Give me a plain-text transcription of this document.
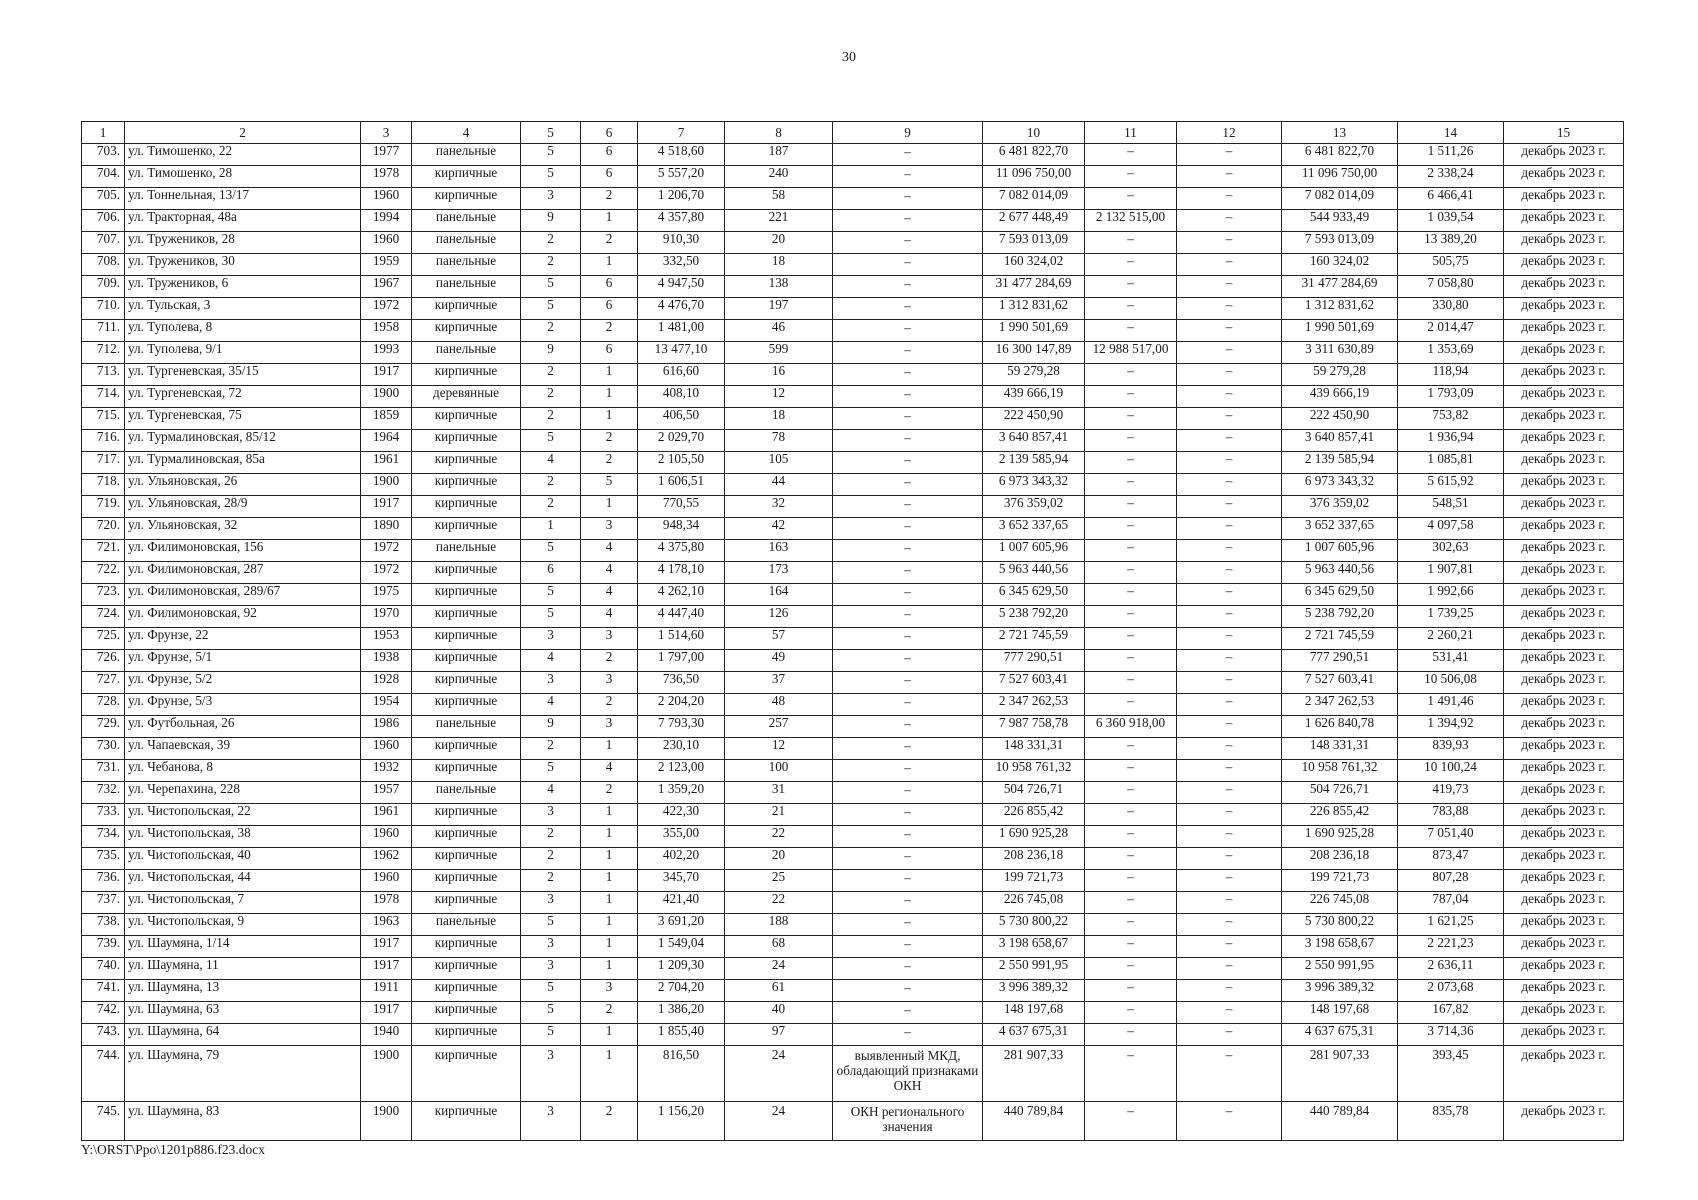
30
1	2	3	4	5	6	7	8	9	10	11	12	13	14	15
703.	ул. Тимошенко, 22	1977	панельные	5	6	4 518,60	187	–	6 481 822,70	–	–	6 481 822,70	1 511,26	декабрь 2023 г.
704.	ул. Тимошенко, 28	1978	кирпичные	5	6	5 557,20	240	–	11 096 750,00	–	–	11 096 750,00	2 338,24	декабрь 2023 г.
705.	ул. Тоннельная, 13/17	1960	кирпичные	3	2	1 206,70	58	–	7 082 014,09	–	–	7 082 014,09	6 466,41	декабрь 2023 г.
706.	ул. Тракторная, 48а	1994	панельные	9	1	4 357,80	221	–	2 677 448,49	2 132 515,00	–	544 933,49	1 039,54	декабрь 2023 г.
707.	ул. Тружеников, 28	1960	панельные	2	2	910,30	20	–	7 593 013,09	–	–	7 593 013,09	13 389,20	декабрь 2023 г.
708.	ул. Тружеников, 30	1959	панельные	2	1	332,50	18	–	160 324,02	–	–	160 324,02	505,75	декабрь 2023 г.
709.	ул. Тружеников, 6	1967	панельные	5	6	4 947,50	138	–	31 477 284,69	–	–	31 477 284,69	7 058,80	декабрь 2023 г.
710.	ул. Тульская, 3	1972	кирпичные	5	6	4 476,70	197	–	1 312 831,62	–	–	1 312 831,62	330,80	декабрь 2023 г.
711.	ул. Туполева, 8	1958	кирпичные	2	2	1 481,00	46	–	1 990 501,69	–	–	1 990 501,69	2 014,47	декабрь 2023 г.
712.	ул. Туполева, 9/1	1993	панельные	9	6	13 477,10	599	–	16 300 147,89	12 988 517,00	–	3 311 630,89	1 353,69	декабрь 2023 г.
713.	ул. Тургеневская, 35/15	1917	кирпичные	2	1	616,60	16	–	59 279,28	–	–	59 279,28	118,94	декабрь 2023 г.
714.	ул. Тургеневская, 72	1900	деревянные	2	1	408,10	12	–	439 666,19	–	–	439 666,19	1 793,09	декабрь 2023 г.
715.	ул. Тургеневская, 75	1859	кирпичные	2	1	406,50	18	–	222 450,90	–	–	222 450,90	753,82	декабрь 2023 г.
716.	ул. Турмалиновская, 85/12	1964	кирпичные	5	2	2 029,70	78	–	3 640 857,41	–	–	3 640 857,41	1 936,94	декабрь 2023 г.
717.	ул. Турмалиновская, 85а	1961	кирпичные	4	2	2 105,50	105	–	2 139 585,94	–	–	2 139 585,94	1 085,81	декабрь 2023 г.
718.	ул. Ульяновская, 26	1900	кирпичные	2	5	1 606,51	44	–	6 973 343,32	–	–	6 973 343,32	5 615,92	декабрь 2023 г.
719.	ул. Ульяновская, 28/9	1917	кирпичные	2	1	770,55	32	–	376 359,02	–	–	376 359,02	548,51	декабрь 2023 г.
720.	ул. Ульяновская, 32	1890	кирпичные	1	3	948,34	42	–	3 652 337,65	–	–	3 652 337,65	4 097,58	декабрь 2023 г.
721.	ул. Филимоновская, 156	1972	панельные	5	4	4 375,80	163	–	1 007 605,96	–	–	1 007 605,96	302,63	декабрь 2023 г.
722.	ул. Филимоновская, 287	1972	кирпичные	6	4	4 178,10	173	–	5 963 440,56	–	–	5 963 440,56	1 907,81	декабрь 2023 г.
723.	ул. Филимоновская, 289/67	1975	кирпичные	5	4	4 262,10	164	–	6 345 629,50	–	–	6 345 629,50	1 992,66	декабрь 2023 г.
724.	ул. Филимоновская, 92	1970	кирпичные	5	4	4 447,40	126	–	5 238 792,20	–	–	5 238 792,20	1 739,25	декабрь 2023 г.
725.	ул. Фрунзе, 22	1953	кирпичные	3	3	1 514,60	57	–	2 721 745,59	–	–	2 721 745,59	2 260,21	декабрь 2023 г.
726.	ул. Фрунзе, 5/1	1938	кирпичные	4	2	1 797,00	49	–	777 290,51	–	–	777 290,51	531,41	декабрь 2023 г.
727.	ул. Фрунзе, 5/2	1928	кирпичные	3	3	736,50	37	–	7 527 603,41	–	–	7 527 603,41	10 506,08	декабрь 2023 г.
728.	ул. Фрунзе, 5/3	1954	кирпичные	4	2	2 204,20	48	–	2 347 262,53	–	–	2 347 262,53	1 491,46	декабрь 2023 г.
729.	ул. Футбольная, 26	1986	панельные	9	3	7 793,30	257	–	7 987 758,78	6 360 918,00	–	1 626 840,78	1 394,92	декабрь 2023 г.
730.	ул. Чапаевская, 39	1960	кирпичные	2	1	230,10	12	–	148 331,31	–	–	148 331,31	839,93	декабрь 2023 г.
731.	ул. Чебанова, 8	1932	кирпичные	5	4	2 123,00	100	–	10 958 761,32	–	–	10 958 761,32	10 100,24	декабрь 2023 г.
732.	ул. Черепахина, 228	1957	панельные	4	2	1 359,20	31	–	504 726,71	–	–	504 726,71	419,73	декабрь 2023 г.
733.	ул. Чистопольская, 22	1961	кирпичные	3	1	422,30	21	–	226 855,42	–	–	226 855,42	783,88	декабрь 2023 г.
734.	ул. Чистопольская, 38	1960	кирпичные	2	1	355,00	22	–	1 690 925,28	–	–	1 690 925,28	7 051,40	декабрь 2023 г.
735.	ул. Чистопольская, 40	1962	кирпичные	2	1	402,20	20	–	208 236,18	–	–	208 236,18	873,47	декабрь 2023 г.
736.	ул. Чистопольская, 44	1960	кирпичные	2	1	345,70	25	–	199 721,73	–	–	199 721,73	807,28	декабрь 2023 г.
737.	ул. Чистопольская, 7	1978	кирпичные	3	1	421,40	22	–	226 745,08	–	–	226 745,08	787,04	декабрь 2023 г.
738.	ул. Чистопольская, 9	1963	панельные	5	1	3 691,20	188	–	5 730 800,22	–	–	5 730 800,22	1 621,25	декабрь 2023 г.
739.	ул. Шаумяна, 1/14	1917	кирпичные	3	1	1 549,04	68	–	3 198 658,67	–	–	3 198 658,67	2 221,23	декабрь 2023 г.
740.	ул. Шаумяна, 11	1917	кирпичные	3	1	1 209,30	24	–	2 550 991,95	–	–	2 550 991,95	2 636,11	декабрь 2023 г.
741.	ул. Шаумяна, 13	1911	кирпичные	5	3	2 704,20	61	–	3 996 389,32	–	–	3 996 389,32	2 073,68	декабрь 2023 г.
742.	ул. Шаумяна, 63	1917	кирпичные	5	2	1 386,20	40	–	148 197,68	–	–	148 197,68	167,82	декабрь 2023 г.
743.	ул. Шаумяна, 64	1940	кирпичные	5	1	1 855,40	97	–	4 637 675,31	–	–	4 637 675,31	3 714,36	декабрь 2023 г.
744.	ул. Шаумяна, 79	1900	кирпичные	3	1	816,50	24	выявленный МКД, обладающий признаками ОКН	281 907,33	–	–	281 907,33	393,45	декабрь 2023 г.
745.	ул. Шаумяна, 83	1900	кирпичные	3	2	1 156,20	24	ОКН регионального значения	440 789,84	–	–	440 789,84	835,78	декабрь 2023 г.
Y:\ORST\Ppo\1201p886.f23.docx
